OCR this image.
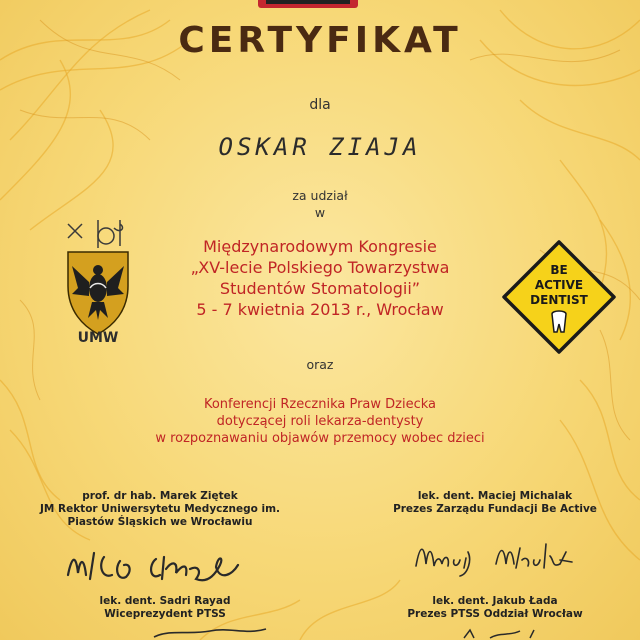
CERTYFIKAT
dla
OSKAR ZIAJA
za udział
w
UMW
Międzynarodowym Kongresie
„XV-lecie Polskiego Towarzystwa
Studentów Stomatologii”
5 - 7 kwietnia 2013 r., Wrocław
BE
ACTIVE
DENTIST
oraz
Konferencji Rzecznika Praw Dziecka
dotyczącej roli lekarza-dentysty
w rozpoznawaniu objawów przemocy wobec dzieci
prof. dr hab. Marek Ziętek
JM Rektor Uniwersytetu Medycznego im.
Piastów Śląskich we Wrocławiu
lek. dent. Maciej Michalak
Prezes Zarządu Fundacji Be Active
lek. dent. Sadri Rayad
Wiceprezydent PTSS
lek. dent. Jakub Łada
Prezes PTSS Oddział Wrocław
